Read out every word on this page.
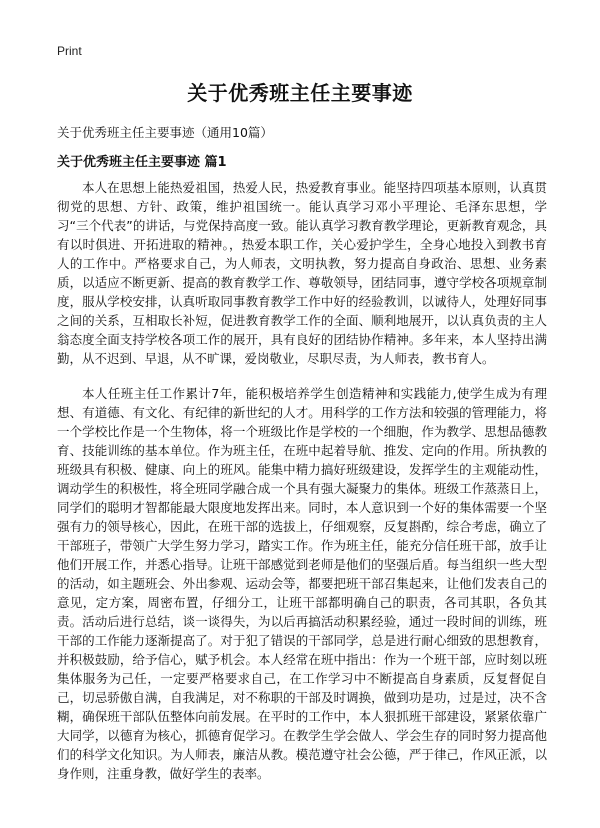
Print
关于优秀班主任主要事迹

关于优秀班主任主要事迹（通用10篇）

关于优秀班主任主要事迹 篇1

本人在思想上能热爱祖国，热爱人民，热爱教育事业。能坚持四项基本原则，认真贯彻党的思想、方针、政策，维护祖国统一。能认真学习邓小平理论、毛泽东思想，学习“三个代表”的讲话，与党保持高度一致。能认真学习教育教学理论，更新教育观念，具有以时俱进、开拓进取的精神。，热爱本职工作，关心爱护学生，全身心地投入到教书育人的工作中。严格要求自己，为人师表，文明执教，努力提高自身政治、思想、业务素质，以适应不断更新、提高的教育教学工作、尊敬领导，团结同事，遵守学校各项规章制度，服从学校安排，认真听取同事教育教学工作中好的经验教训，以诚待人，处理好同事之间的关系，互相取长补短，促进教育教学工作的全面、顺利地展开，以认真负责的主人翁态度全面支持学校各项工作的展开，具有良好的团结协作精神。多年来，本人坚持出满勤，从不迟到、早退，从不旷课，爱岗敬业，尽职尽责，为人师表，教书育人。

本人任班主任工作累计7年，能积极培养学生创造精神和实践能力,使学生成为有理想、有道德、有文化、有纪律的新世纪的人才。用科学的工作方法和较强的管理能力，将一个学校比作是一个生物体，将一个班级比作是学校的一个细胞，作为教学、思想品德教育、技能训练的基本单位。作为班主任，在班中起着导航、推发、定向的作用。所执教的班级具有积极、健康、向上的班风。能集中精力搞好班级建设，发挥学生的主观能动性，调动学生的积极性，将全班同学融合成一个具有强大凝聚力的集体。班级工作蒸蒸日上，同学们的聪明才智都能最大限度地发挥出来。同时，本人意识到一个好的集体需要一个坚强有力的领导核心，因此，在班干部的选拔上，仔细观察，反复斟酌，综合考虑，确立了干部班子，带领广大学生努力学习，踏实工作。作为班主任，能充分信任班干部，放手让他们开展工作，并悉心指导。让班干部感觉到老师是他们的坚强后盾。每当组织一些大型的活动，如主题班会、外出参观、运动会等，都要把班干部召集起来，让他们发表自己的意见，定方案，周密布置，仔细分工，让班干部都明确自己的职责，各司其职，各负其责。活动后进行总结，谈一谈得失，为以后再搞活动积累经验，通过一段时间的训练，班干部的工作能力逐渐提高了。对于犯了错误的干部同学，总是进行耐心细致的思想教育，并积极鼓励，给予信心，赋予机会。本人经常在班中指出：作为一个班干部，应时刻以班集体服务为己任，一定要严格要求自己，在工作学习中不断提高自身素质，反复督促自己，切忌骄傲自满，自我满足，对不称职的干部及时调换，做到功是功，过是过，决不含糊，确保班干部队伍整体向前发展。在平时的工作中，本人狠抓班干部建设，紧紧依靠广大同学，以德育为核心，抓德育促学习。在教学生学会做人、学会生存的同时努力提高他们的科学文化知识。为人师表，廉洁从教。模范遵守社会公德，严于律己，作风正派，以身作则，注重身教，做好学生的表率。
